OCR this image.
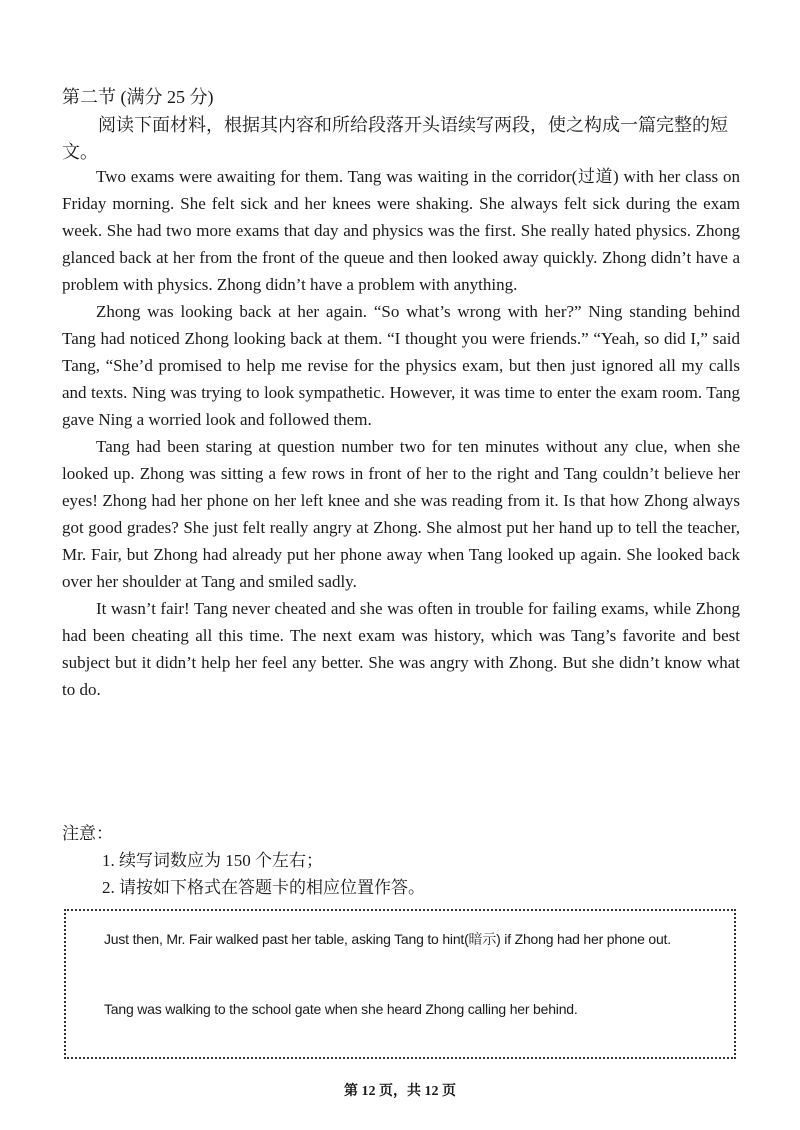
第二节 (满分 25 分)

阅读下面材料，根据其内容和所给段落开头语续写两段，使之构成一篇完整的短文。

Two exams were awaiting for them. Tang was waiting in the corridor(过道) with her class on Friday morning. She felt sick and her knees were shaking. She always felt sick during the exam week. She had two more exams that day and physics was the first. She really hated physics. Zhong glanced back at her from the front of the queue and then looked away quickly. Zhong didn’t have a problem with physics. Zhong didn’t have a problem with anything.

Zhong was looking back at her again. “So what’s wrong with her?” Ning standing behind Tang had noticed Zhong looking back at them. “I thought you were friends.” “Yeah, so did I,” said Tang, “She’d promised to help me revise for the physics exam, but then just ignored all my calls and texts. Ning was trying to look sympathetic. However, it was time to enter the exam room. Tang gave Ning a worried look and followed them.

Tang had been staring at question number two for ten minutes without any clue, when she looked up. Zhong was sitting a few rows in front of her to the right and Tang couldn’t believe her eyes! Zhong had her phone on her left knee and she was reading from it. Is that how Zhong always got good grades? She just felt really angry at Zhong. She almost put her hand up to tell the teacher, Mr. Fair, but Zhong had already put her phone away when Tang looked up again. She looked back over her shoulder at Tang and smiled sadly.

It wasn’t fair! Tang never cheated and she was often in trouble for failing exams, while Zhong had been cheating all this time. The next exam was history, which was Tang’s favorite and best subject but it didn’t help her feel any better. She was angry with Zhong. But she didn’t know what to do.

注意：

1. 续写词数应为 150 个左右；
2. 请按如下格式在答题卡的相应位置作答。

Just then, Mr. Fair walked past her table, asking Tang to hint(暗示) if Zhong had her phone out.

Tang was walking to the school gate when she heard Zhong calling her behind.

第 12 页，共 12 页
